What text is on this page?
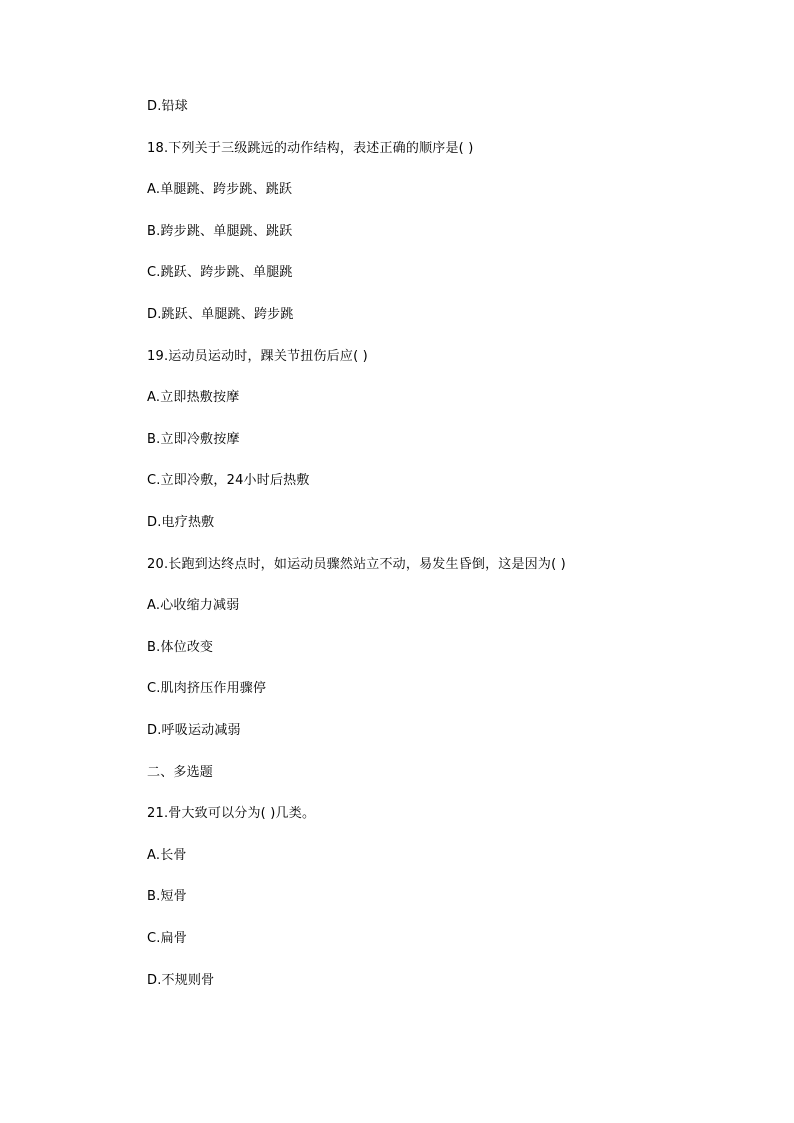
D.铅球
18.下列关于三级跳远的动作结构，表述正确的顺序是( )
A.单腿跳、跨步跳、跳跃
B.跨步跳、单腿跳、跳跃
C.跳跃、跨步跳、单腿跳
D.跳跃、单腿跳、跨步跳
19.运动员运动时，踝关节扭伤后应( )
A.立即热敷按摩
B.立即冷敷按摩
C.立即冷敷，24小时后热敷
D.电疗热敷
20.长跑到达终点时，如运动员骤然站立不动，易发生昏倒，这是因为( )
A.心收缩力减弱
B.体位改变
C.肌肉挤压作用骤停
D.呼吸运动减弱
二、多选题
21.骨大致可以分为( )几类。
A.长骨
B.短骨
C.扁骨
D.不规则骨
